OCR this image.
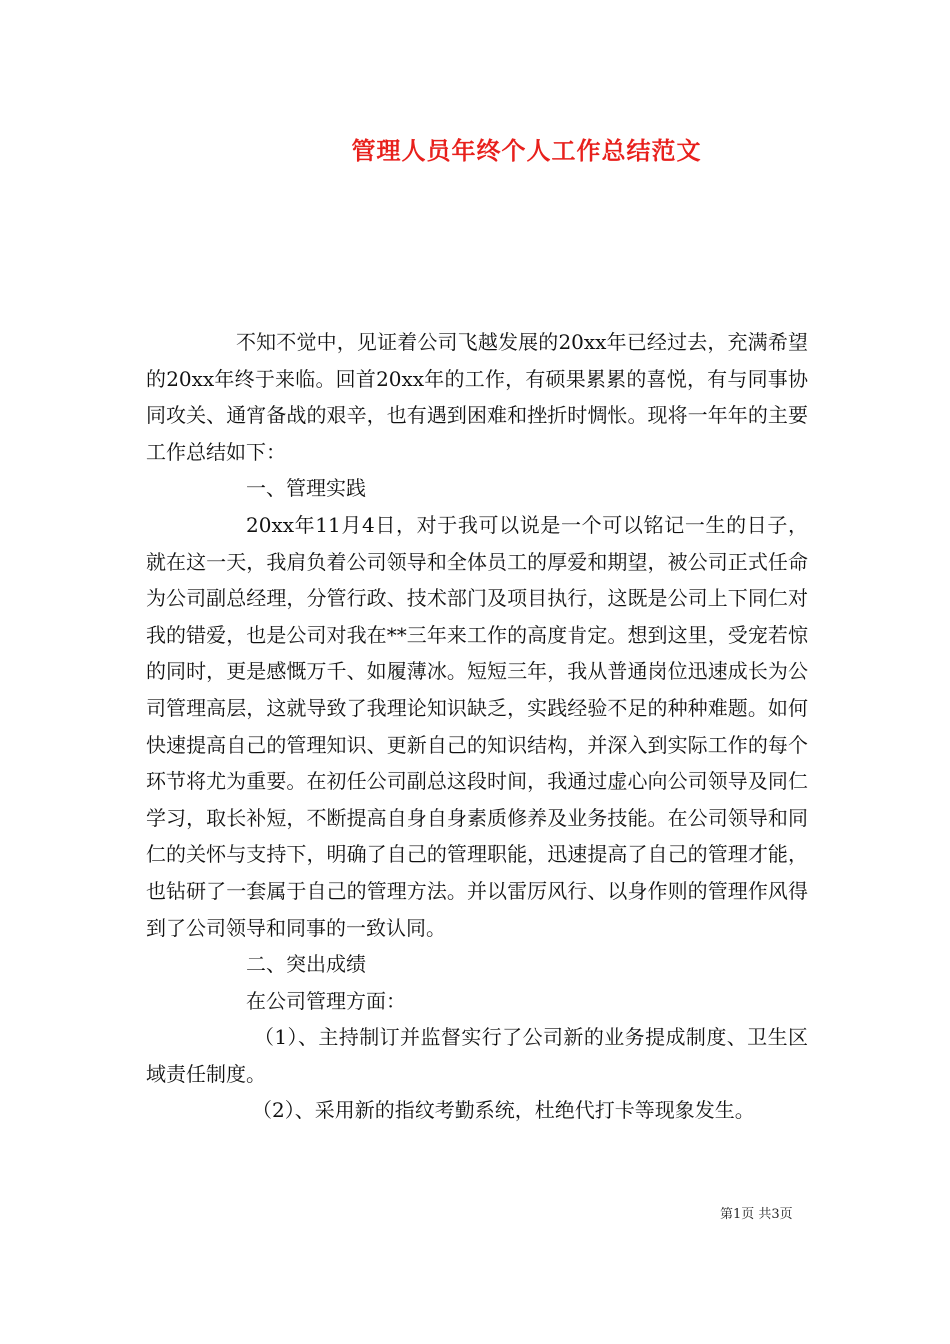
管理人员年终个人工作总结范文

不知不觉中，见证着公司飞越发展的20xx年已经过去，充满希望的20xx年终于来临。回首20xx年的工作，有硕果累累的喜悦，有与同事协同攻关、通宵备战的艰辛，也有遇到困难和挫折时惆怅。现将一年年的主要工作总结如下：

一、管理实践

20xx年11月4日，对于我可以说是一个可以铭记一生的日子，就在这一天，我肩负着公司领导和全体员工的厚爱和期望，被公司正式任命为公司副总经理，分管行政、技术部门及项目执行，这既是公司上下同仁对我的错爱，也是公司对我在**三年来工作的高度肯定。想到这里，受宠若惊的同时，更是感慨万千、如履薄冰。短短三年，我从普通岗位迅速成长为公司管理高层，这就导致了我理论知识缺乏，实践经验不足的种种难题。如何快速提高自己的管理知识、更新自己的知识结构，并深入到实际工作的每个环节将尤为重要。在初任公司副总这段时间，我通过虚心向公司领导及同仁学习，取长补短，不断提高自身自身素质修养及业务技能。在公司领导和同仁的关怀与支持下，明确了自己的管理职能，迅速提高了自己的管理才能，也钻研了一套属于自己的管理方法。并以雷厉风行、以身作则的管理作风得到了公司领导和同事的一致认同。

二、突出成绩

在公司管理方面：

（1）、主持制订并监督实行了公司新的业务提成制度、卫生区域责任制度。

（2）、采用新的指纹考勤系统，杜绝代打卡等现象发生。

第1页 共3页
